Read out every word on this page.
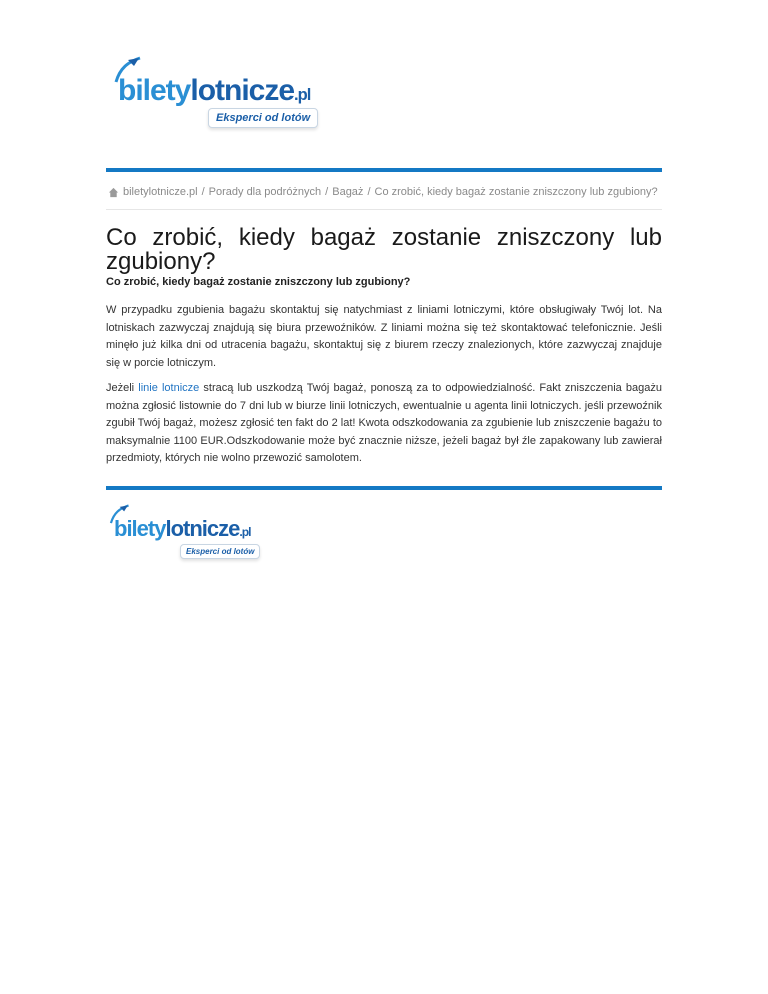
biletylotnicze.pl
Eksperci od lotów
biletylotnicze.pl / Porady dla podróżnych / Bagaż / Co zrobić, kiedy bagaż zostanie zniszczony lub zgubiony?
Co zrobić, kiedy bagaż zostanie zniszczony lub zgubiony?
Co zrobić, kiedy bagaż zostanie zniszczony lub zgubiony?

W przypadku zgubienia bagażu skontaktuj się natychmiast z liniami lotniczymi, które obsługiwały Twój lot. Na lotniskach zazwyczaj znajdują się biura przewoźników. Z liniami można się też skontaktować telefonicznie. Jeśli minęło już kilka dni od utracenia bagażu, skontaktuj się z biurem rzeczy znalezionych, które zazwyczaj znajduje się w porcie lotniczym.

Jeżeli linie lotnicze stracą lub uszkodzą Twój bagaż, ponoszą za to odpowiedzialność. Fakt zniszczenia bagażu można zgłosić listownie do 7 dni lub w biurze linii lotniczych, ewentualnie u agenta linii lotniczych. jeśli przewoźnik zgubił Twój bagaż, możesz zgłosić ten fakt do 2 lat! Kwota odszkodowania za zgubienie lub zniszczenie bagażu to maksymalnie 1100 EUR.Odszkodowanie może być znacznie niższe, jeżeli bagaż był źle zapakowany lub zawierał przedmioty, których nie wolno przewozić samolotem.

biletylotnicze.pl
Eksperci od lotów
